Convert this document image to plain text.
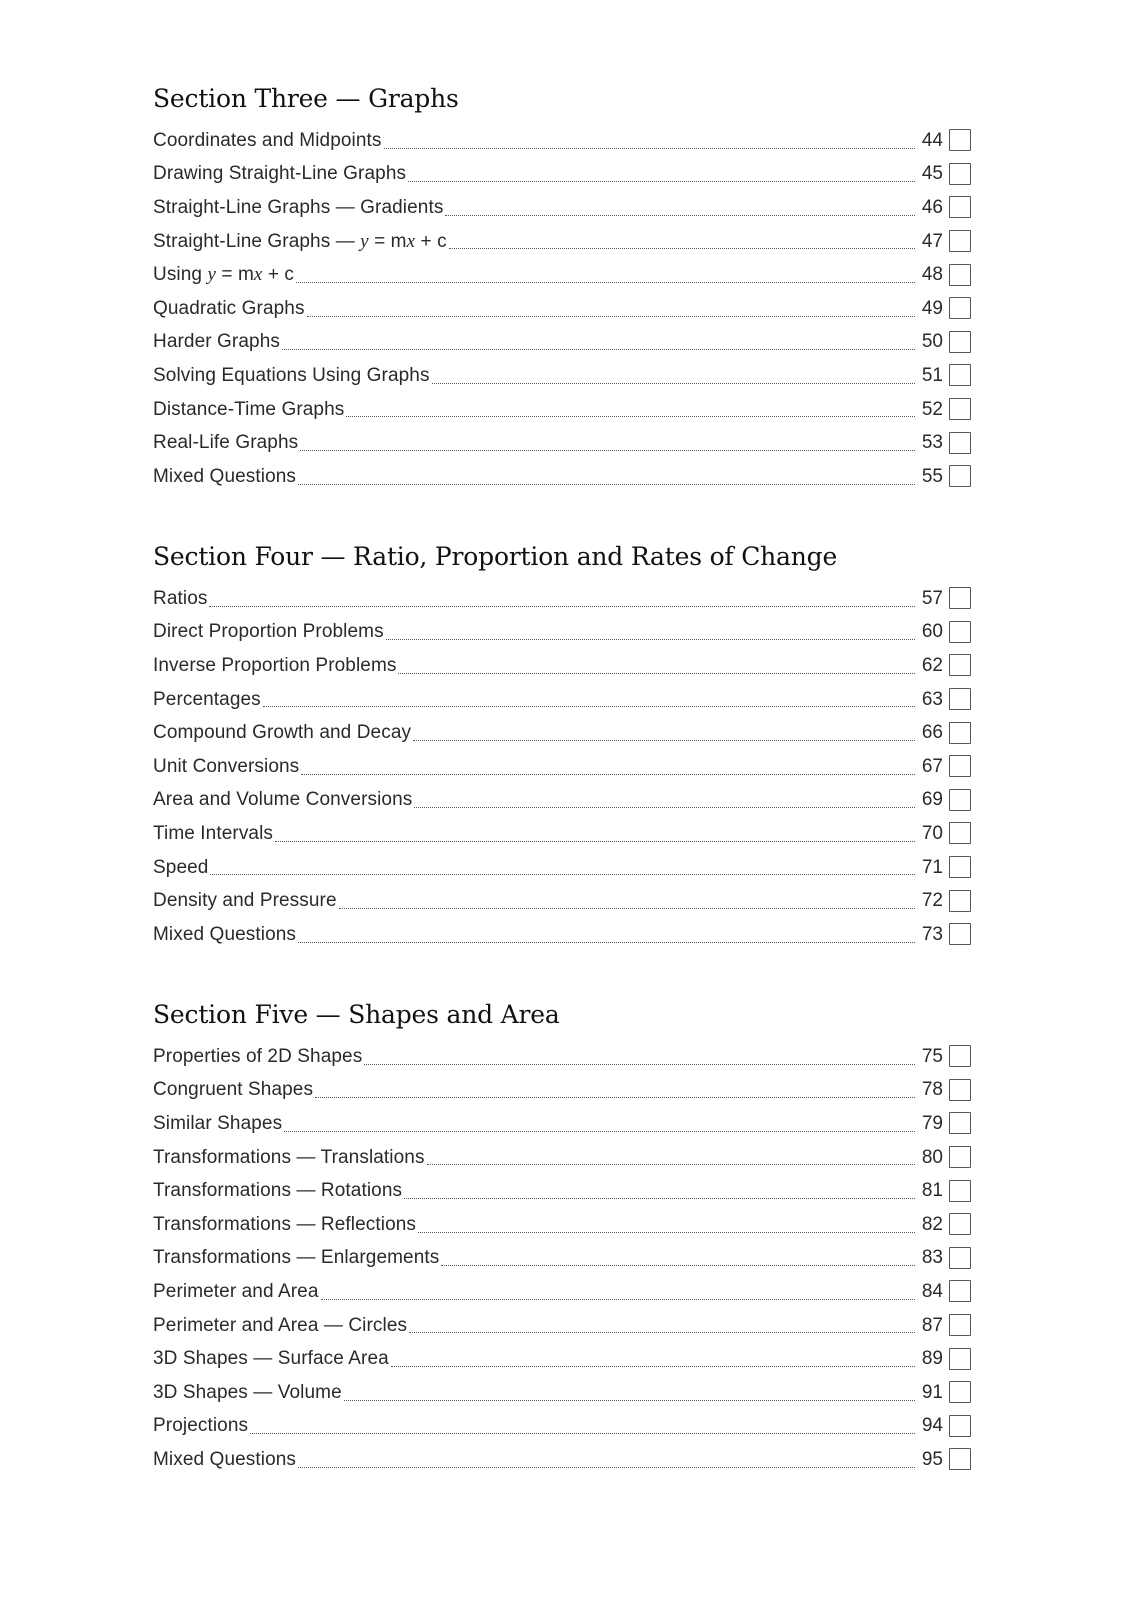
Section Three — Graphs
Coordinates and Midpoints	44
Drawing Straight-Line Graphs	45
Straight-Line Graphs — Gradients	46
Straight-Line Graphs — y = mx + c	47
Using y = mx + c	48
Quadratic Graphs	49
Harder Graphs	50
Solving Equations Using Graphs	51
Distance-Time Graphs	52
Real-Life Graphs	53
Mixed Questions	55
Section Four — Ratio, Proportion and Rates of Change
Ratios	57
Direct Proportion Problems	60
Inverse Proportion Problems	62
Percentages	63
Compound Growth and Decay	66
Unit Conversions	67
Area and Volume Conversions	69
Time Intervals	70
Speed	71
Density and Pressure	72
Mixed Questions	73
Section Five — Shapes and Area
Properties of 2D Shapes	75
Congruent Shapes	78
Similar Shapes	79
Transformations — Translations	80
Transformations — Rotations	81
Transformations — Reflections	82
Transformations — Enlargements	83
Perimeter and Area	84
Perimeter and Area — Circles	87
3D Shapes — Surface Area	89
3D Shapes — Volume	91
Projections	94
Mixed Questions	95
